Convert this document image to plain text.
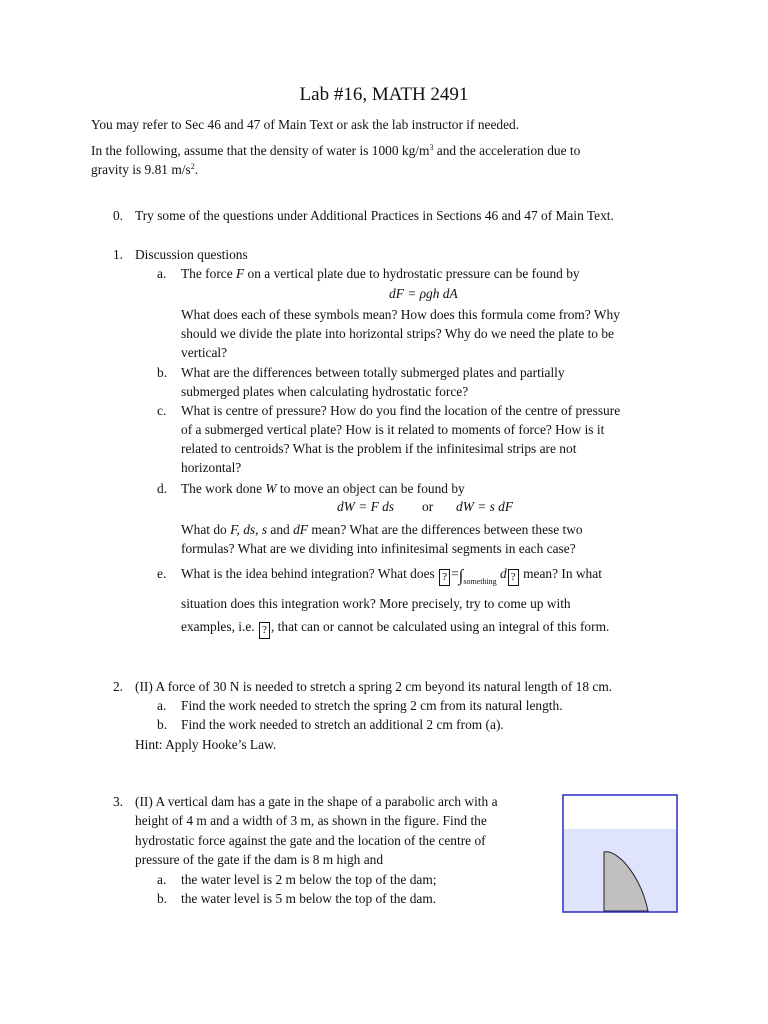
Lab #16, MATH 2491
You may refer to Sec 46 and 47 of Main Text or ask the lab instructor if needed.
In the following, assume that the density of water is 1000 $kg/m^3$ and the acceleration due to
gravity is 9.81 $m/s^2$.
0. Try some of the questions under Additional Practices in Sections 46 and 47 of Main Text.
1. Discussion questions
a. The force F on a vertical plate due to hydrostatic pressure can be found by
dF = ρgh dA
What does each of these symbols mean? How does this formula come from? Why
should we divide the plate into horizontal strips? Why do we need the plate to be
vertical?
b. What are the differences between totally submerged plates and partially
submerged plates when calculating hydrostatic force?
c. What is centre of pressure? How do you find the location of the centre of pressure
of a submerged vertical plate? How is it related to moments of force? How is it
related to centroids? What is the problem if the infinitesimal strips are not
horizontal?
d. The work done W to move an object can be found by
dW = F ds or dW = s dF
What do F, ds, s and dF mean? What are the differences between these two
formulas? What are we dividing into infinitesimal segments in each case?
e. What is the idea behind integration? What does ? $=\int_{something}$ d ? mean? In what
situation does this integration work? More precisely, try to come up with
examples, i.e. ? , that can or cannot be calculated using an integral of this form.
2. (II) A force of 30 N is needed to stretch a spring 2 cm beyond its natural length of 18 cm.
a. Find the work needed to stretch the spring 2 cm from its natural length.
b. Find the work needed to stretch an additional 2 cm from (a).
Hint: Apply Hooke’s Law.
3. (II) A vertical dam has a gate in the shape of a parabolic arch with a
height of 4 m and a width of 3 m, as shown in the figure. Find the
hydrostatic force against the gate and the location of the centre of
pressure of the gate if the dam is 8 m high and
a. the water level is 2 m below the top of the dam;
b. the water level is 5 m below the top of the dam.
